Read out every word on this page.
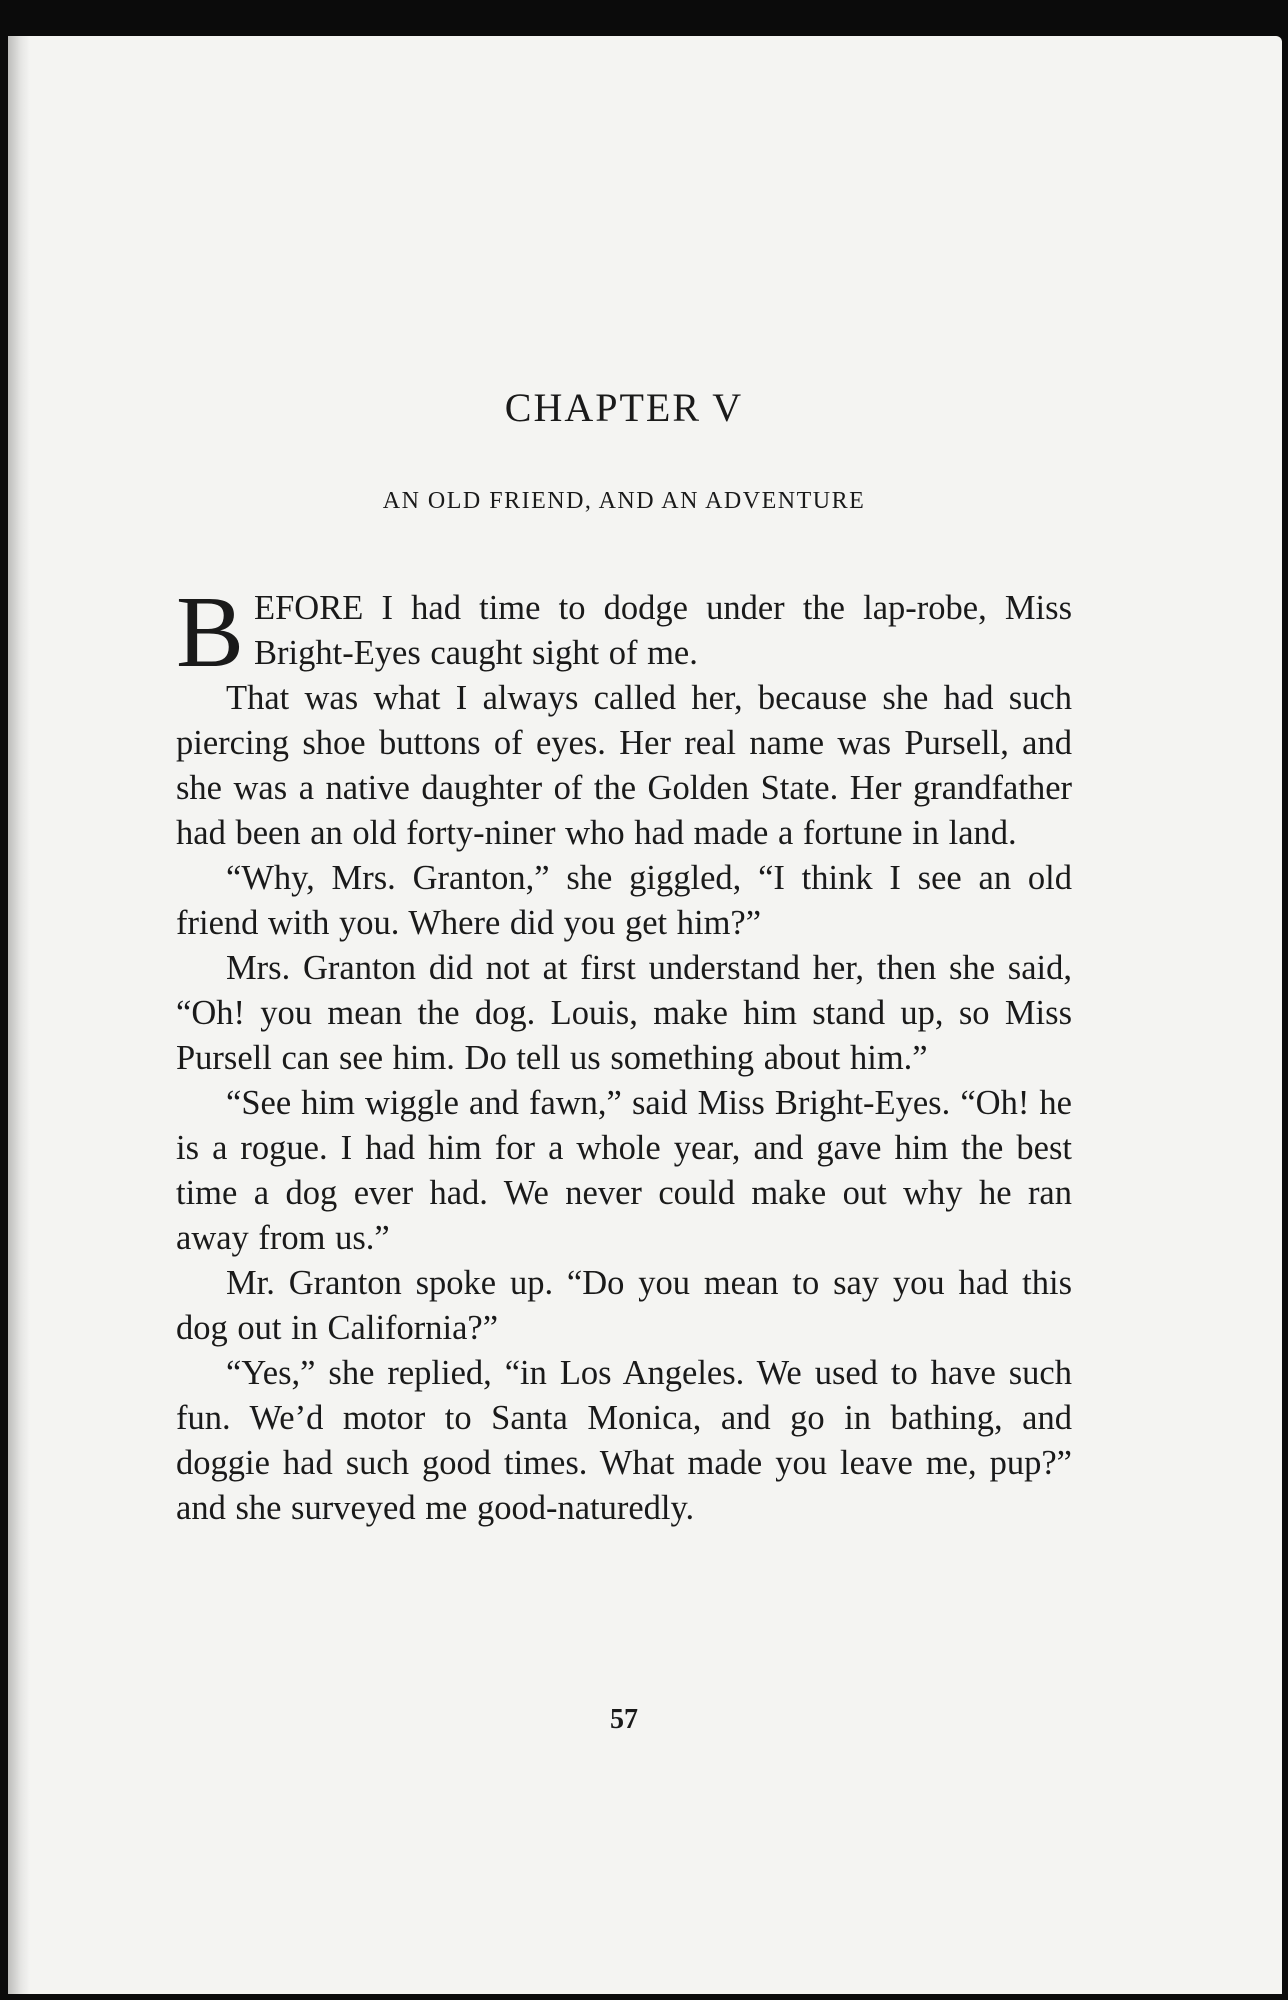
CHAPTER V
AN OLD FRIEND, AND AN ADVENTURE

BEFORE I had time to dodge under the lap-robe, Miss Bright-Eyes caught sight of me.

That was what I always called her, because she had such piercing shoe buttons of eyes. Her real name was Pursell, and she was a native daughter of the Golden State. Her grandfather had been an old forty-niner who had made a fortune in land.

“Why, Mrs. Granton,” she giggled, “I think I see an old friend with you. Where did you get him?”

Mrs. Granton did not at first understand her, then she said, “Oh! you mean the dog. Louis, make him stand up, so Miss Pursell can see him. Do tell us something about him.”

“See him wiggle and fawn,” said Miss Bright-Eyes. “Oh! he is a rogue. I had him for a whole year, and gave him the best time a dog ever had. We never could make out why he ran away from us.”

Mr. Granton spoke up. “Do you mean to say you had this dog out in California?”

“Yes,” she replied, “in Los Angeles. We used to have such fun. We’d motor to Santa Monica, and go in bathing, and doggie had such good times. What made you leave me, pup?” and she surveyed me good-naturedly.

57
